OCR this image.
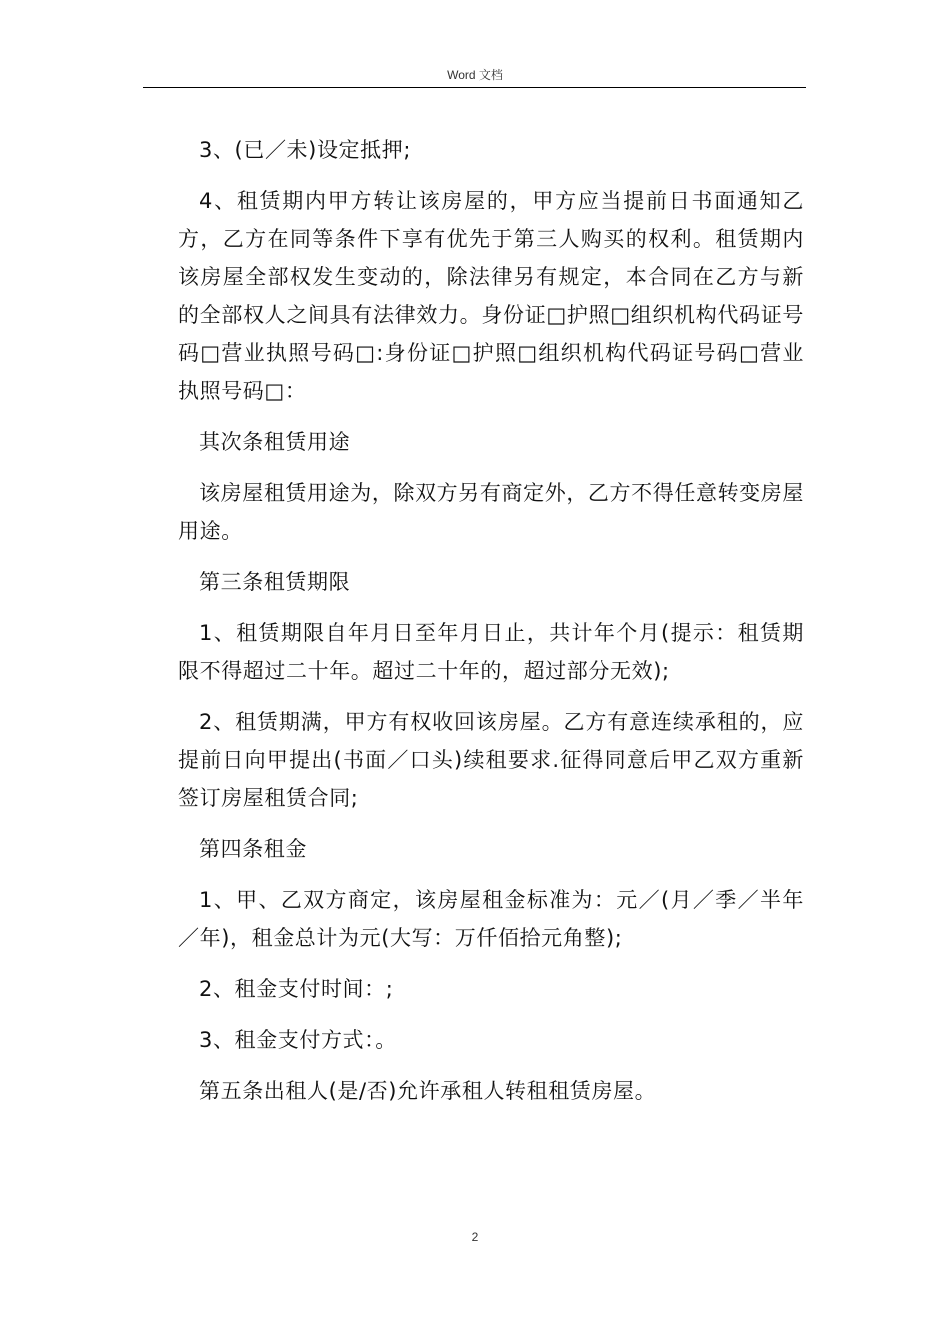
Word 文档

3、(已／未)设定抵押;

4、租赁期内甲方转让该房屋的，甲方应当提前日书面通知乙方，乙方在同等条件下享有优先于第三人购买的权利。租赁期内该房屋全部权发生变动的，除法律另有规定，本合同在乙方与新的全部权人之间具有法律效力。身份证□护照□组织机构代码证号码□营业执照号码□:身份证□护照□组织机构代码证号码□营业执照号码□：

其次条租赁用途

该房屋租赁用途为，除双方另有商定外，乙方不得任意转变房屋用途。

第三条租赁期限

1、租赁期限自年月日至年月日止，共计年个月(提示：租赁期限不得超过二十年。超过二十年的，超过部分无效);

2、租赁期满，甲方有权收回该房屋。乙方有意连续承租的，应提前日向甲提出(书面／口头)续租要求.征得同意后甲乙双方重新签订房屋租赁合同;

第四条租金

1、甲、乙双方商定，该房屋租金标准为：元／(月／季／半年／年)，租金总计为元(大写：万仟佰拾元角整);

2、租金支付时间：;

3、租金支付方式：。

第五条出租人(是/否)允许承租人转租租赁房屋。

2
